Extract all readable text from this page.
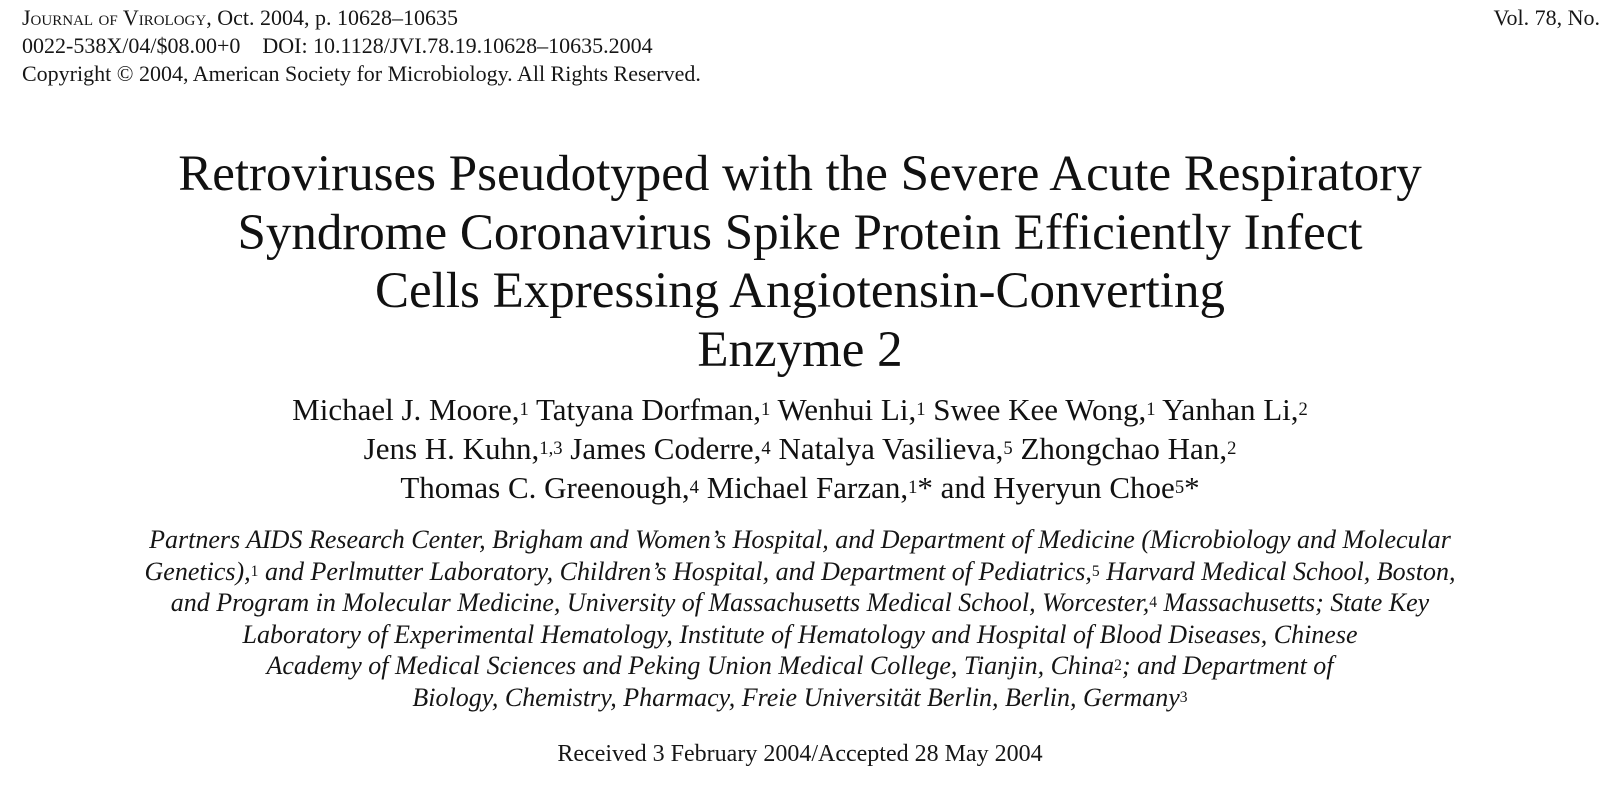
Journal of Virology, Oct. 2004, p. 10628–10635	Vol. 78, No.
0022-538X/04/$08.00+0    DOI: 10.1128/JVI.78.19.10628–10635.2004
Copyright © 2004, American Society for Microbiology. All Rights Reserved.
Retroviruses Pseudotyped with the Severe Acute Respiratory
Syndrome Coronavirus Spike Protein Efficiently Infect
Cells Expressing Angiotensin-Converting
Enzyme 2
Michael J. Moore,$^1$ Tatyana Dorfman,$^1$ Wenhui Li,$^1$ Swee Kee Wong,$^1$ Yanhan Li,$^2$
Jens H. Kuhn,$^{1,3}$ James Coderre,$^4$ Natalya Vasilieva,$^5$ Zhongchao Han,$^2$
Thomas C. Greenough,$^4$ Michael Farzan,$^1$* and Hyeryun Choe$^5$*
Partners AIDS Research Center, Brigham and Women’s Hospital, and Department of Medicine (Microbiology and Molecular
Genetics),$^1$ and Perlmutter Laboratory, Children’s Hospital, and Department of Pediatrics,$^5$ Harvard Medical School, Boston,
and Program in Molecular Medicine, University of Massachusetts Medical School, Worcester,$^4$ Massachusetts; State Key
Laboratory of Experimental Hematology, Institute of Hematology and Hospital of Blood Diseases, Chinese
Academy of Medical Sciences and Peking Union Medical College, Tianjin, China$^2$; and Department of
Biology, Chemistry, Pharmacy, Freie Universität Berlin, Berlin, Germany$^3$
Received 3 February 2004/Accepted 28 May 2004
